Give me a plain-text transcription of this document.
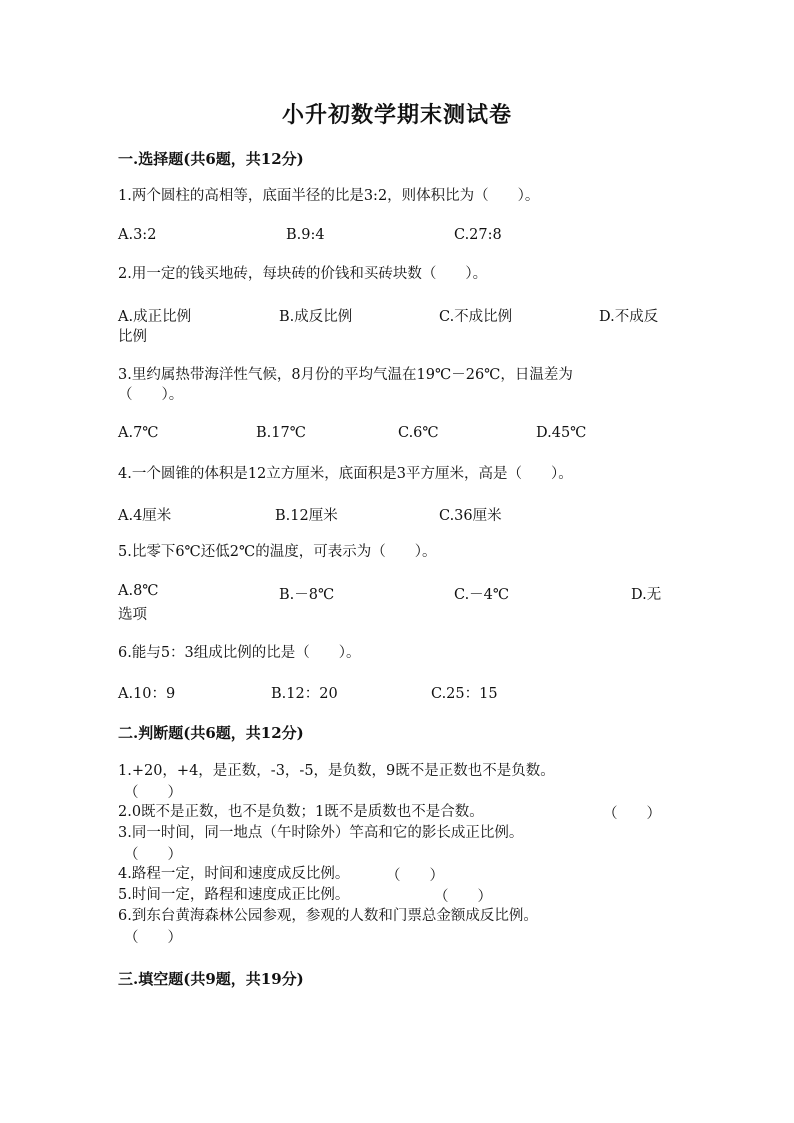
小升初数学期末测试卷
一.选择题(共6题，共12分)
1.两个圆柱的高相等，底面半径的比是3:2，则体积比为（　　）。
A.3:2	B.9:4	C.27:8
2.用一定的钱买地砖，每块砖的价钱和买砖块数（　　）。
A.成正比例	B.成反比例	C.不成比例	D.不成反
比例
3.里约属热带海洋性气候，8月份的平均气温在19℃－26℃，日温差为
（　　）。
A.7℃	B.17℃	C.6℃	D.45℃
4.一个圆锥的体积是12立方厘米，底面积是3平方厘米，高是（　　）。
A.4厘米	B.12厘米	C.36厘米
5.比零下6℃还低2℃的温度，可表示为（　　）。
A.8℃	B.－8℃	C.－4℃	D.无
选项
6.能与5：3组成比例的比是（　　）。
A.10：9	B.12：20	C.25：15
二.判断题(共6题，共12分)
1.+20，+4，是正数，-3，-5，是负数，9既不是正数也不是负数。
（　　）
2.0既不是正数，也不是负数；1既不是质数也不是合数。	（　　）
3.同一时间，同一地点（午时除外）竿高和它的影长成正比例。
（　　）
4.路程一定，时间和速度成反比例。	（　　）
5.时间一定，路程和速度成正比例。	（　　）
6.到东台黄海森林公园参观，参观的人数和门票总金额成反比例。
（　　）
三.填空题(共9题，共19分)
